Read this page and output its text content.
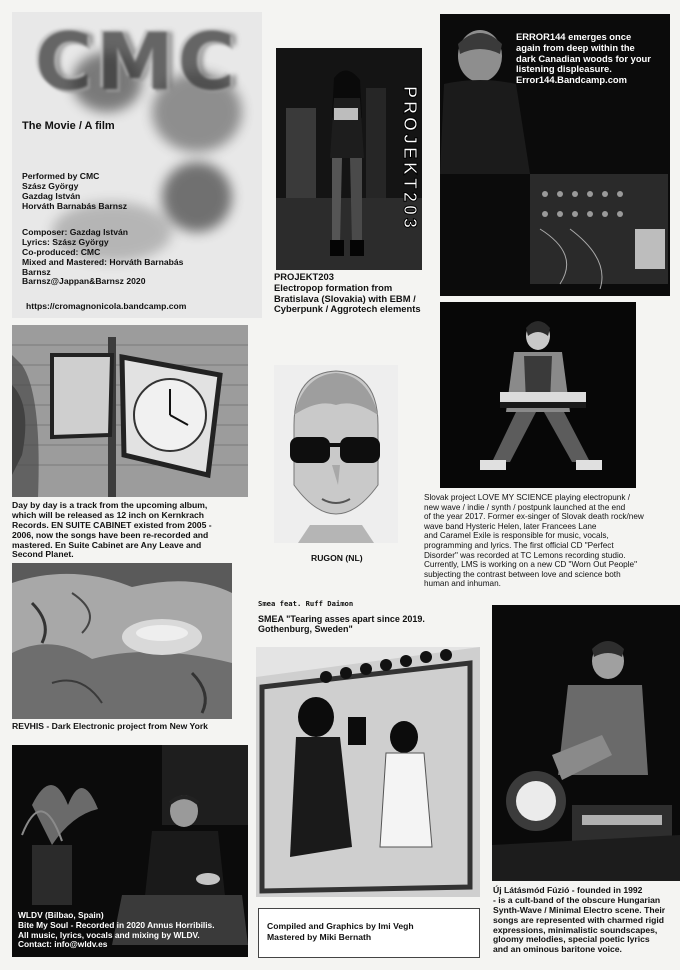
CMC
The Movie / A film
Performed by CMC
Szász György
Gazdag István
Horváth Barnabás Barnsz
Composer: Gazdag István
Lyrics: Szász György
Co-produced: CMC
Mixed and Mastered: Horváth Barnabás
Barnsz
Barnsz@Jappan&Barnsz 2020
https://cromagnonicola.bandcamp.com
PROJEKT203
PROJEKT203
Electropop formation from
Bratislava (Slovakia) with EBM /
Cyberpunk / Aggrotech elements
ERROR144 emerges once
again from deep within the
dark Canadian woods for your
listening displeasure.
Error144.Bandcamp.com
Day by day is a track from the upcoming album,
which will be released as 12 inch on Kernkrach
Records. EN SUITE CABINET existed from 2005 -
2006, now the songs have been re-recorded and
mastered. En Suite Cabinet are Any Leave and
Second Planet.	RUGON (NL)
Slovak project LOVE MY SCIENCE playing electropunk /
new wave / indie / synth / postpunk launched at the end
of the year 2017. Former ex-singer of Slovak death rock/new
wave band Hysteric Helen, later Francees Lane
and Caramel Exile is responsible for music, vocals,
programming and lyrics. The first official CD "Perfect
Disorder" was recorded at TC Lemons recording studio.
Currently, LMS is working on a new CD "Worn Out People"
subjecting the contrast between love and science both
human and inhuman.
REVHIS - Dark Electronic project from New York
Smea feat. Ruff Daimon
SMEA "Tearing asses apart since 2019.
Gothenburg, Sweden"
Új Látásmód Fúzió - founded in 1992
- is a cult-band of the obscure Hungarian
Synth-Wave / Minimal Electro scene. Their
songs are represented with charmed rigid
expressions, minimalistic soundscapes,
gloomy melodies, special poetic lyrics
and an ominous baritone voice.
WLDV (Bilbao, Spain)
Bite My Soul - Recorded in 2020 Annus Horribilis.
All music, lyrics, vocals and mixing by WLDV.
Contact: info@wldv.es
Compiled and Graphics by Imi Vegh
Mastered by Miki Bernath
